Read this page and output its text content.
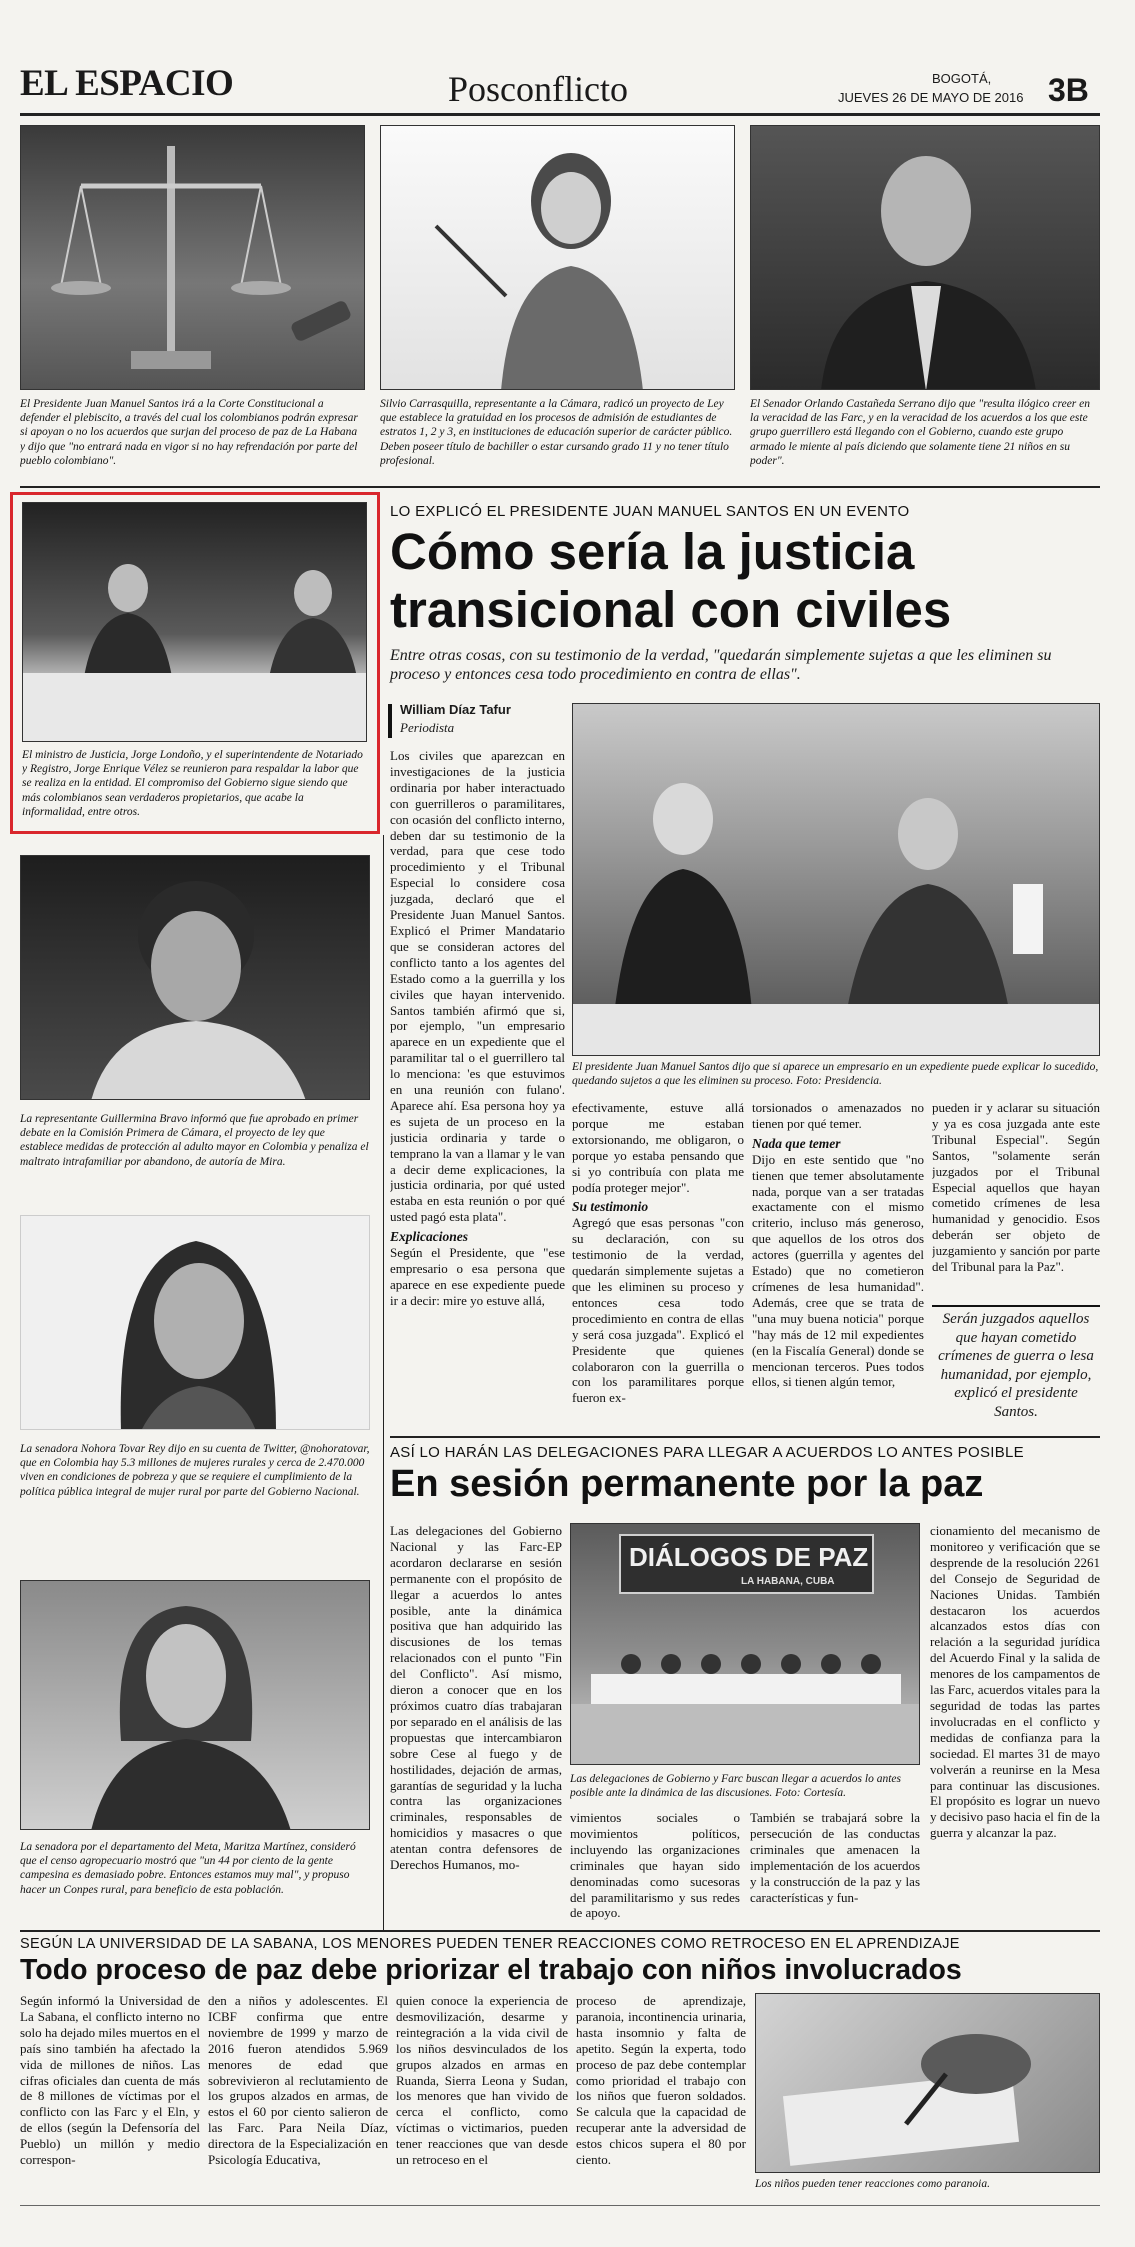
EL ESPACIO	Posconflicto	BOGOTÁ,
JUEVES 26 DE MAYO DE 2016 3B
El Presidente Juan Manuel Santos irá a la Corte Constitucional a defender el plebiscito, a través del cual los colombianos podrán expresar si apoyan o no los acuerdos que surjan del proceso de paz de La Habana y dijo que "no entrará nada en vigor si no hay refrendación por parte del pueblo colombiano".
Silvio Carrasquilla, representante a la Cámara, radicó un proyecto de Ley que establece la gratuidad en los procesos de admisión de estudiantes de estratos 1, 2 y 3, en instituciones de educación superior de carácter público. Deben poseer título de bachiller o estar cursando grado 11 y no tener título profesional.
El Senador Orlando Castañeda Serrano dijo que "resulta ilógico creer en la veracidad de las Farc, y en la veracidad de los acuerdos a los que este grupo guerrillero está llegando con el Gobierno, cuando este grupo armado le miente al país diciendo que solamente tiene 21 niños en su poder".
El ministro de Justicia, Jorge Londoño, y el superintendente de Notariado y Registro, Jorge Enrique Vélez se reunieron para respaldar la labor que se realiza en la entidad. El compromiso del Gobierno sigue siendo que más colombianos sean verdaderos propietarios, que acabe la informalidad, entre otros.
La representante Guillermina Bravo informó que fue aprobado en primer debate en la Comisión Primera de Cámara, el proyecto de ley que establece medidas de protección al adulto mayor en Colombia y penaliza el maltrato intrafamiliar por abandono, de autoría de Mira.
La senadora Nohora Tovar Rey dijo en su cuenta de Twitter, @nohoratovar, que en Colombia hay 5.3 millones de mujeres rurales y cerca de 2.470.000 viven en condiciones de pobreza y que se requiere el cumplimiento de la política pública integral de mujer rural por parte del Gobierno Nacional.
La senadora por el departamento del Meta, Maritza Martínez, consideró que el censo agropecuario mostró que "un 44 por ciento de la gente campesina es demasiado pobre. Entonces estamos muy mal", y propuso hacer un Conpes rural, para beneficio de esta población.
LO EXPLICÓ EL PRESIDENTE JUAN MANUEL SANTOS EN UN EVENTO
Cómo sería la justicia
transicional con civiles
Entre otras cosas, con su testimonio de la verdad, "quedarán simplemente sujetas a que les eliminen su proceso y entonces cesa todo procedimiento en contra de ellas".
William Díaz Tafur
Periodista

Los civiles que aparezcan en investigaciones de la justicia ordinaria por haber interactuado con guerrilleros o paramilitares, con ocasión del conflicto interno, deben dar su testimonio de la verdad, para que cese todo procedimiento y el Tribunal Especial lo considere cosa juzgada, declaró que el Presidente Juan Manuel Santos. Explicó el Primer Mandatario que se consideran actores del conflicto tanto a los agentes del Estado como a la guerrilla y los civiles que hayan intervenido. Santos también afirmó que si, por ejemplo, "un empresario aparece en un expediente que el paramilitar tal o el guerrillero tal lo menciona: 'es que estuvimos en una reunión con fulano'. Aparece ahí. Esa persona hoy ya es sujeta de un proceso en la justicia ordinaria y tarde o temprano la van a llamar y le van a decir deme explicaciones, la justicia ordinaria, por qué usted estaba en esta reunión o por qué usted pagó esta plata".

Explicaciones

Según el Presidente, que "ese empresario o esa persona que aparece en ese expediente puede ir a decir: mire yo estuve allá,

El presidente Juan Manuel Santos dijo que si aparece un empresario en un expediente puede explicar lo sucedido, quedando sujetos a que les eliminen su proceso. Foto: Presidencia.

efectivamente, estuve allá porque me estaban extorsionando, me obligaron, o porque yo estaba pensando que si yo contribuía con plata me podía proteger mejor".

Su testimonio

Agregó que esas personas "con su declaración, con su testimonio de la verdad, quedarán simplemente sujetas a que les eliminen su proceso y entonces cesa todo procedimiento en contra de ellas y será cosa juzgada". Explicó el Presidente que quienes colaboraron con la guerrilla o con los paramilitares porque fueron ex-

torsionados o amenazados no tienen por qué temer.

Nada que temer

Dijo en este sentido que "no tienen que temer absolutamente nada, porque van a ser tratadas exactamente con el mismo criterio, incluso más generoso, que aquellos de los otros dos actores (guerrilla y agentes del Estado) que no cometieron crímenes de lesa humanidad". Además, cree que se trata de "una muy buena noticia" porque "hay más de 12 mil expedientes (en la Fiscalía General) donde se mencionan terceros. Pues todos ellos, si tienen algún temor,

pueden ir y aclarar su situación y ya es cosa juzgada ante este Tribunal Especial". Según Santos, "solamente serán juzgados por el Tribunal Especial aquellos que hayan cometido crímenes de lesa humanidad y genocidio. Esos deberán ser objeto de juzgamiento y sanción por parte del Tribunal para la Paz".

Serán juzgados aquellos que hayan cometido crímenes de guerra o lesa humanidad, por ejemplo, explicó el presidente Santos.
ASÍ LO HARÁN LAS DELEGACIONES PARA LLEGAR A ACUERDOS LO ANTES POSIBLE
En sesión permanente por la paz

Las delegaciones del Gobierno Nacional y las Farc-EP acordaron declararse en sesión permanente con el propósito de llegar a acuerdos lo antes posible, ante la dinámica positiva que han adquirido las discusiones de los temas relacionados con el punto "Fin del Conflicto". Así mismo, dieron a conocer que en los próximos cuatro días trabajaran por separado en el análisis de las propuestas que intercambiaron sobre Cese al fuego y de hostilidades, dejación de armas, garantías de seguridad y la lucha contra las organizaciones criminales, responsables de homicidios y masacres o que atentan contra defensores de Derechos Humanos, mo-

DIÁLOGOS DE PAZ
LA HABANA, CUBA
Las delegaciones de Gobierno y Farc buscan llegar a acuerdos lo antes posible ante la dinámica de las discusiones. Foto: Cortesía.

vimientos sociales o movimientos políticos, incluyendo las organizaciones criminales que hayan sido denominadas como sucesoras del paramilitarismo y sus redes de apoyo.

También se trabajará sobre la persecución de las conductas criminales que amenacen la implementación de los acuerdos y la construcción de la paz y las características y fun-

cionamiento del mecanismo de monitoreo y verificación que se desprende de la resolución 2261 del Consejo de Seguridad de Naciones Unidas. También destacaron los acuerdos alcanzados estos días con relación a la seguridad jurídica del Acuerdo Final y la salida de menores de los campamentos de las Farc, acuerdos vitales para la seguridad de todas las partes involucradas en el conflicto y medidas de confianza para la sociedad. El martes 31 de mayo volverán a reunirse en la Mesa para continuar las discusiones. El propósito es lograr un nuevo y decisivo paso hacia el fin de la guerra y alcanzar la paz.

SEGÚN LA UNIVERSIDAD DE LA SABANA, LOS MENORES PUEDEN TENER REACCIONES COMO RETROCESO EN EL APRENDIZAJE
Todo proceso de paz debe priorizar el trabajo con niños involucrados

Según informó la Universidad de La Sabana, el conflicto interno no solo ha dejado miles muertos en el país sino también ha afectado la vida de millones de niños. Las cifras oficiales dan cuenta de más de 8 millones de víctimas por el conflicto con las Farc y el Eln, y de ellos (según la Defensoría del Pueblo) un millón y medio correspon-

den a niños y adolescentes. El ICBF confirma que entre noviembre de 1999 y marzo de 2016 fueron atendidos 5.969 menores de edad que sobrevivieron al reclutamiento de los grupos alzados en armas, de estos el 60 por ciento salieron de las Farc. Para Neila Díaz, directora de la Especialización en Psicología Educativa,

quien conoce la experiencia de desmovilización, desarme y reintegración a la vida civil de los niños desvinculados de los grupos alzados en armas en Ruanda, Sierra Leona y Sudan, los menores que han vivido de cerca el conflicto, como víctimas o victimarios, pueden tener reacciones que van desde un retroceso en el

proceso de aprendizaje, paranoia, incontinencia urinaria, hasta insomnio y falta de apetito. Según la experta, todo proceso de paz debe contemplar como prioridad el trabajo con los niños que fueron soldados. Se calcula que la capacidad de recuperar ante la adversidad de estos chicos supera el 80 por ciento.

Los niños pueden tener reacciones como paranoia.
